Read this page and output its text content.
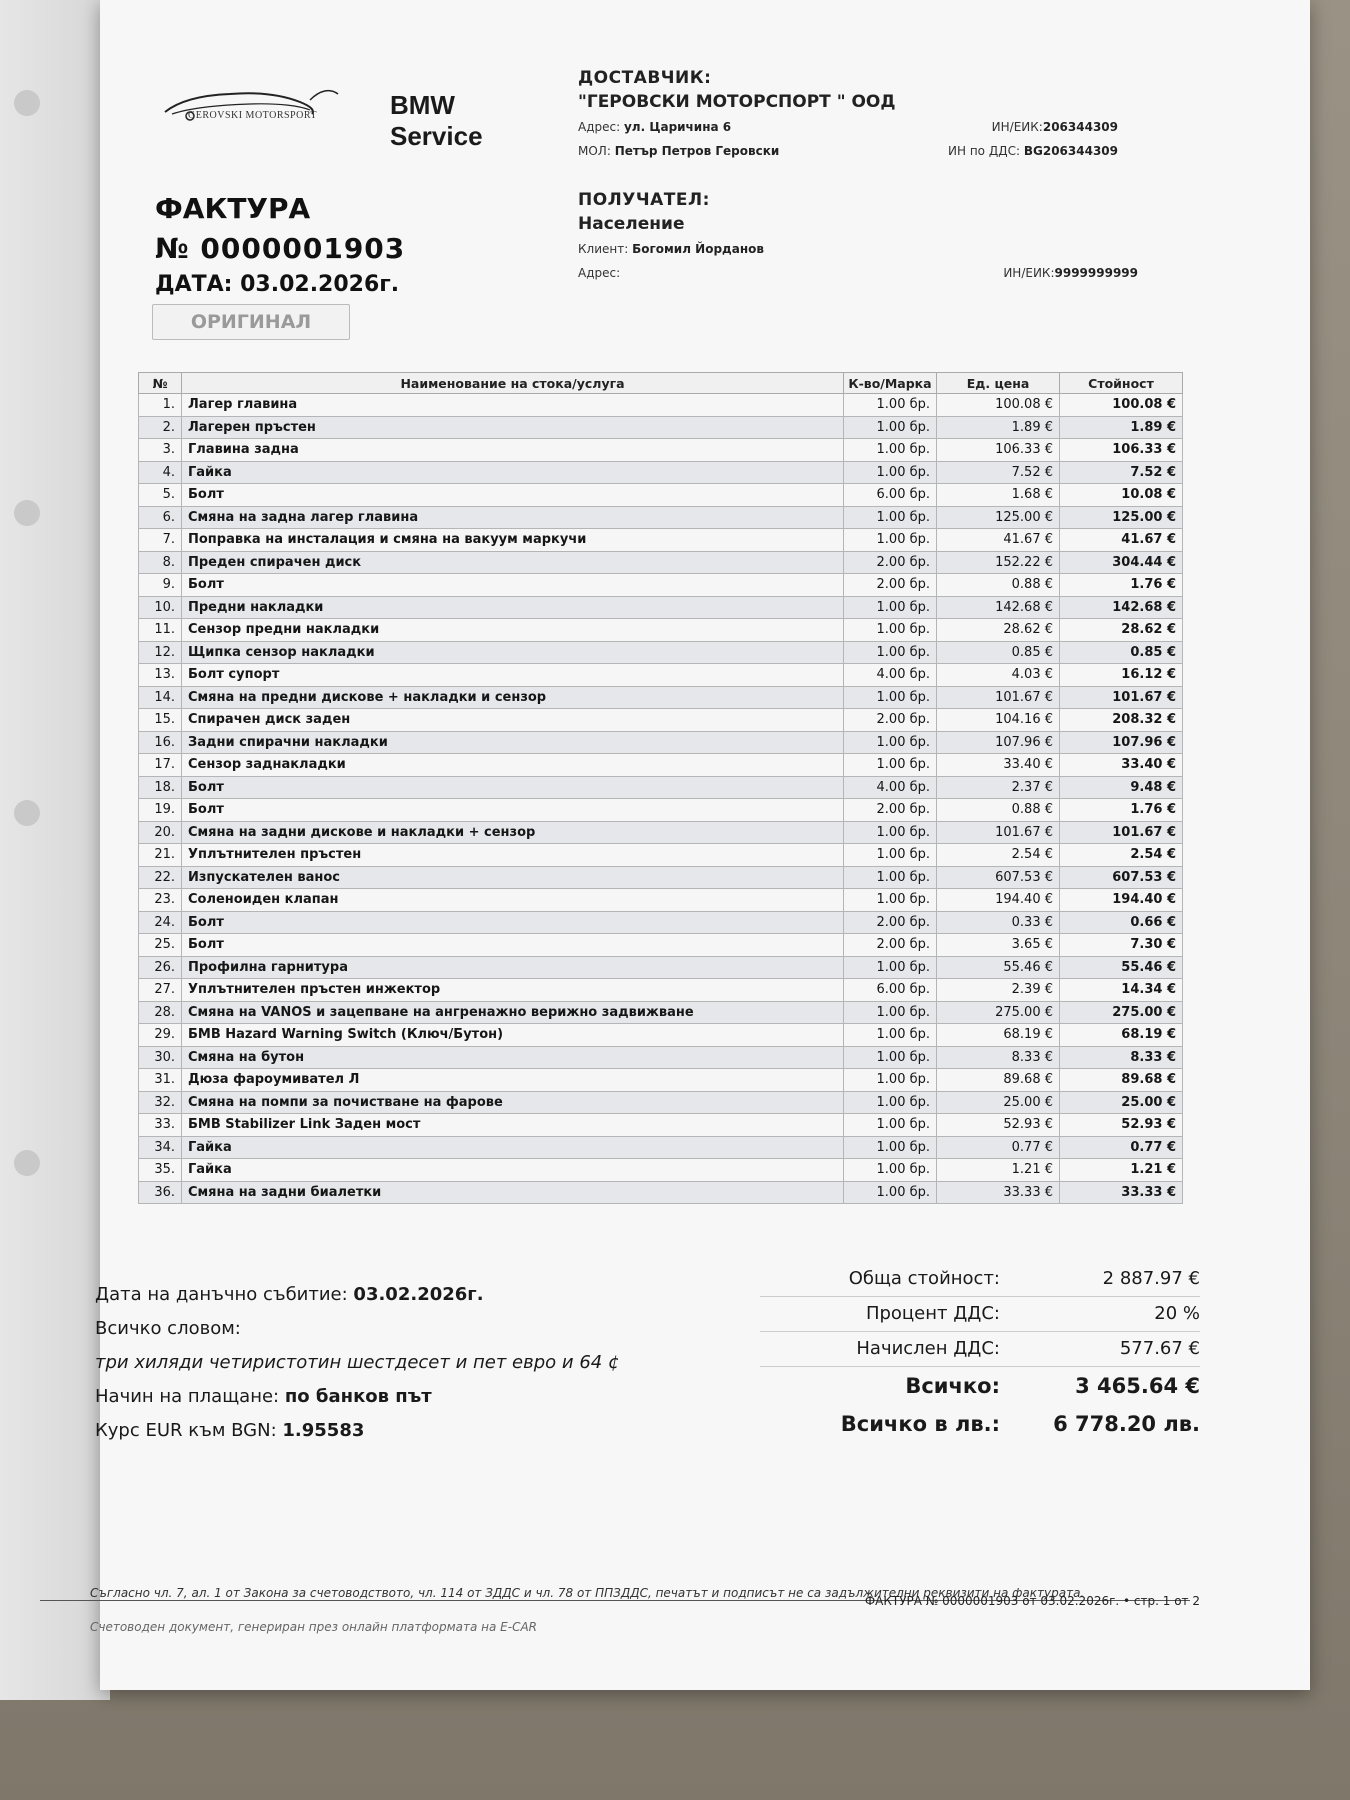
GEROVSKI MOTORSPORT	BMW Service
ФАКТУРА
№ 0000001903
ДАТА: 03.02.2026г.
ОРИГИНАЛ
ДОСТАВЧИК:
"ГЕРОВСКИ МОТОРСПОРТ " ООД
Адрес: ул. Царичина 6	ИН/ЕИК:206344309
МОЛ: Петър Петров Геровски	ИН по ДДС: BG206344309
ПОЛУЧАТЕЛ:
Население
Клиент: Богомил Йорданов
Адрес:	ИН/ЕИК:9999999999
№	Наименование на стока/услуга	К-во/Марка	Ед. цена	Стойност
1.	Лагер главина	1.00 бр.	100.08 €	100.08 €
2.	Лагерен пръстен	1.00 бр.	1.89 €	1.89 €
3.	Главина задна	1.00 бр.	106.33 €	106.33 €
4.	Гайка	1.00 бр.	7.52 €	7.52 €
5.	Болт	6.00 бр.	1.68 €	10.08 €
6.	Смяна на задна лагер главина	1.00 бр.	125.00 €	125.00 €
7.	Поправка на инсталация и смяна на вакуум маркучи	1.00 бр.	41.67 €	41.67 €
8.	Преден спирачен диск	2.00 бр.	152.22 €	304.44 €
9.	Болт	2.00 бр.	0.88 €	1.76 €
10.	Предни накладки	1.00 бр.	142.68 €	142.68 €
11.	Сензор предни накладки	1.00 бр.	28.62 €	28.62 €
12.	Щипка сензор накладки	1.00 бр.	0.85 €	0.85 €
13.	Болт супорт	4.00 бр.	4.03 €	16.12 €
14.	Смяна на предни дискове + накладки и сензор	1.00 бр.	101.67 €	101.67 €
15.	Спирачен диск заден	2.00 бр.	104.16 €	208.32 €
16.	Задни спирачни накладки	1.00 бр.	107.96 €	107.96 €
17.	Сензор заднакладки	1.00 бр.	33.40 €	33.40 €
18.	Болт	4.00 бр.	2.37 €	9.48 €
19.	Болт	2.00 бр.	0.88 €	1.76 €
20.	Смяна на задни дискове и накладки + сензор	1.00 бр.	101.67 €	101.67 €
21.	Уплътнителен пръстен	1.00 бр.	2.54 €	2.54 €
22.	Изпускателен ванос	1.00 бр.	607.53 €	607.53 €
23.	Соленоиден клапан	1.00 бр.	194.40 €	194.40 €
24.	Болт	2.00 бр.	0.33 €	0.66 €
25.	Болт	2.00 бр.	3.65 €	7.30 €
26.	Профилна гарнитура	1.00 бр.	55.46 €	55.46 €
27.	Уплътнителен пръстен инжектор	6.00 бр.	2.39 €	14.34 €
28.	Смяна на VANOS и зацепване на ангренажно верижно задвижване	1.00 бр.	275.00 €	275.00 €
29.	БМВ Hazard Warning Switch (Ключ/Бутон)	1.00 бр.	68.19 €	68.19 €
30.	Смяна на бутон	1.00 бр.	8.33 €	8.33 €
31.	Дюза фароумивател Л	1.00 бр.	89.68 €	89.68 €
32.	Смяна на помпи за почистване на фарове	1.00 бр.	25.00 €	25.00 €
33.	БМВ Stabilizer Link Заден мост	1.00 бр.	52.93 €	52.93 €
34.	Гайка	1.00 бр.	0.77 €	0.77 €
35.	Гайка	1.00 бр.	1.21 €	1.21 €
36.	Смяна на задни биалетки	1.00 бр.	33.33 €	33.33 €
Дата на данъчно събитие: 03.02.2026г.
Всичко словом:
три хиляди четиристотин шестдесет и пет евро и 64 ¢
Начин на плащане: по банков път
Курс EUR към BGN: 1.95583
Обща стойност:	2 887.97 €
Процент ДДС:	20 %
Начислен ДДС:	577.67 €
Всичко:	3 465.64 €
Всичко в лв.:	6 778.20 лв.
Съгласно чл. 7, ал. 1 от Закона за счетоводството, чл. 114 от ЗДДС и чл. 78 от ППЗДДС, печатът и подписът не са задължителни реквизити на фактурата.
ФАКТУРА № 0000001903 от 03.02.2026г. • стр. 1 от 2
Счетоводен документ, генериран през онлайн платформата на E-CAR
